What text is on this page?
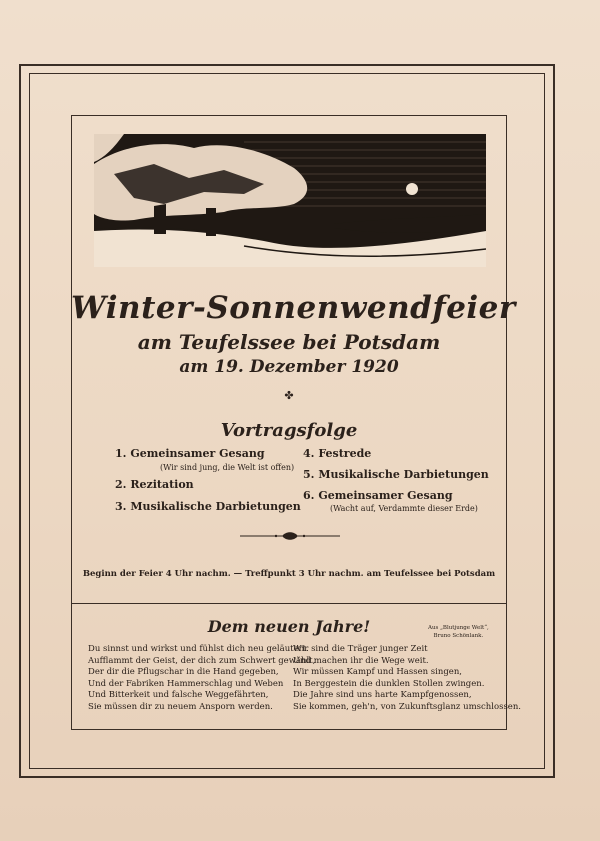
Winter-Sonnenwendfeier
am Teufelssee bei Potsdam
am 19. Dezember 1920
✤
Vortragsfolge
1. Gemeinsamer Gesang
(Wir sind jung, die Welt ist offen)
2. Rezitation
3. Musikalische Darbietungen
4. Festrede
5. Musikalische Darbietungen
6. Gemeinsamer Gesang
(Wacht auf, Verdammte dieser Erde)
Beginn der Feier 4 Uhr nachm. — Treffpunkt 3 Uhr nachm. am Teufelssee bei Potsdam
Dem neuen Jahre!	Aus „Blutjunge Welt“,
Bruno Schönlank.
Du sinnst und wirkst und fühlst dich neu geläutert.
Aufflammt der Geist, der dich zum Schwert gewählt,
Der dir die Pflugschar in die Hand gegeben,
Und der Fabriken Hammerschlag und Weben
Und Bitterkeit und falsche Weggefährten,
Sie müssen dir zu neuem Ansporn werden.
Wir sind die Träger junger Zeit
Und machen ihr die Wege weit.
Wir müssen Kampf und Hassen singen,
In Berggestein die dunklen Stollen zwingen.
Die Jahre sind uns harte Kampfgenossen,
Sie kommen, geh'n, von Zukunftsglanz umschlossen.
